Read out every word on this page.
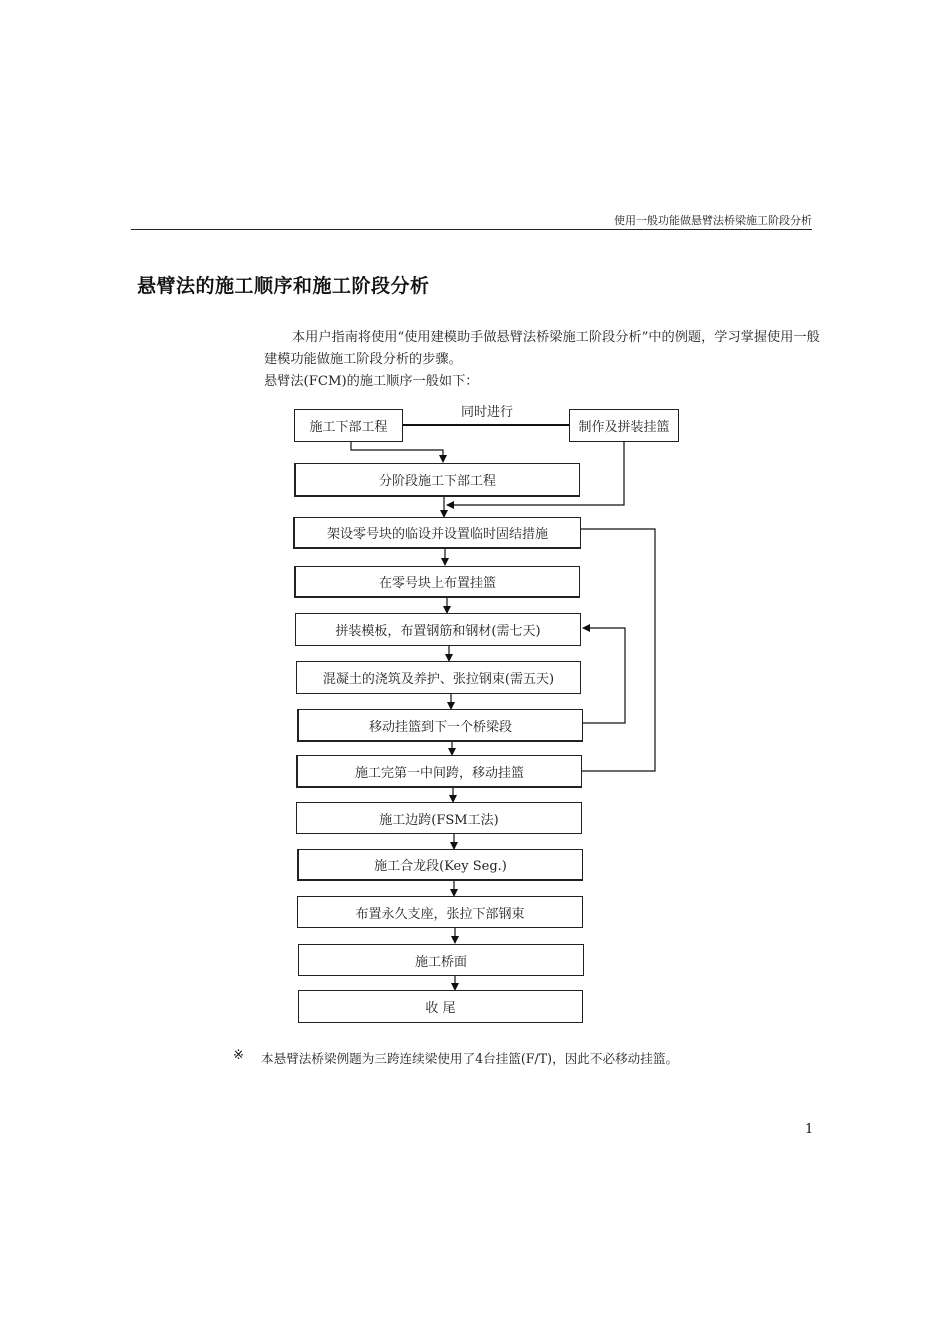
使用一般功能做悬臂法桥梁施工阶段分析
悬臂法的施工顺序和施工阶段分析

本用户指南将使用“使用建模助手做悬臂法桥梁施工阶段分析”中的例题，学习掌握使用一般建模功能做施工阶段分析的步骤。

悬臂法(FCM)的施工顺序一般如下：

同时进行
施工下部工程	制作及拼装挂篮
分阶段施工下部工程
架设零号块的临设并设置临时固结措施
在零号块上布置挂篮
拼装模板，布置钢筋和钢材(需七天)
混凝土的浇筑及养护、张拉钢束(需五天)
移动挂篮到下一个桥梁段
施工完第一中间跨，移动挂篮
施工边跨(FSM工法)
施工合龙段(Key Seg.)
布置永久支座，张拉下部钢束
施工桥面
收 尾
※ 本悬臂法桥梁例题为三跨连续梁使用了4台挂篮(F/T)，因此不必移动挂篮。
1
